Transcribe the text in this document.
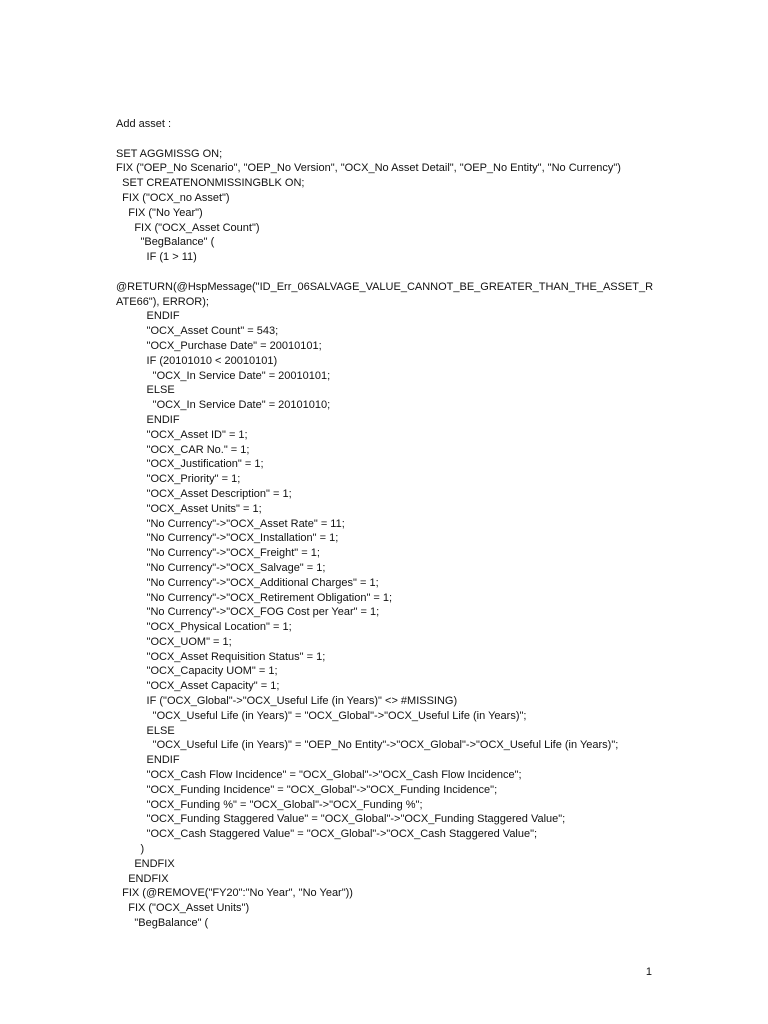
Add asset :
SET AGGMISSG ON;
FIX ("OEP_No Scenario", "OEP_No Version", "OCX_No Asset Detail", "OEP_No Entity", "No Currency")
SET CREATENONMISSINGBLK ON;
FIX ("OCX_no Asset")
FIX ("No Year")
FIX ("OCX_Asset Count")
"BegBalance" (
IF (1 > 11)
@RETURN(@HspMessage("ID_Err_06SALVAGE_VALUE_CANNOT_BE_GREATER_THAN_THE_ASSET_R
ATE66"), ERROR);
ENDIF
"OCX_Asset Count" = 543;
"OCX_Purchase Date" = 20010101;
IF (20101010 < 20010101)
"OCX_In Service Date" = 20010101;
ELSE
"OCX_In Service Date" = 20101010;
ENDIF
"OCX_Asset ID" = 1;
"OCX_CAR No." = 1;
"OCX_Justification" = 1;
"OCX_Priority" = 1;
"OCX_Asset Description" = 1;
"OCX_Asset Units" = 1;
"No Currency"->"OCX_Asset Rate" = 11;
"No Currency"->"OCX_Installation" = 1;
"No Currency"->"OCX_Freight" = 1;
"No Currency"->"OCX_Salvage" = 1;
"No Currency"->"OCX_Additional Charges" = 1;
"No Currency"->"OCX_Retirement Obligation" = 1;
"No Currency"->"OCX_FOG Cost per Year" = 1;
"OCX_Physical Location" = 1;
"OCX_UOM" = 1;
"OCX_Asset Requisition Status" = 1;
"OCX_Capacity UOM" = 1;
"OCX_Asset Capacity" = 1;
IF ("OCX_Global"->"OCX_Useful Life (in Years)" <> #MISSING)
"OCX_Useful Life (in Years)" = "OCX_Global"->"OCX_Useful Life (in Years)";
ELSE
"OCX_Useful Life (in Years)" = "OEP_No Entity"->"OCX_Global"->"OCX_Useful Life (in Years)";
ENDIF
"OCX_Cash Flow Incidence" = "OCX_Global"->"OCX_Cash Flow Incidence";
"OCX_Funding Incidence" = "OCX_Global"->"OCX_Funding Incidence";
"OCX_Funding %" = "OCX_Global"->"OCX_Funding %";
"OCX_Funding Staggered Value" = "OCX_Global"->"OCX_Funding Staggered Value";
"OCX_Cash Staggered Value" = "OCX_Global"->"OCX_Cash Staggered Value";
)
ENDFIX
ENDFIX
FIX (@REMOVE("FY20":"No Year", "No Year"))
FIX ("OCX_Asset Units")
"BegBalance" (
1
